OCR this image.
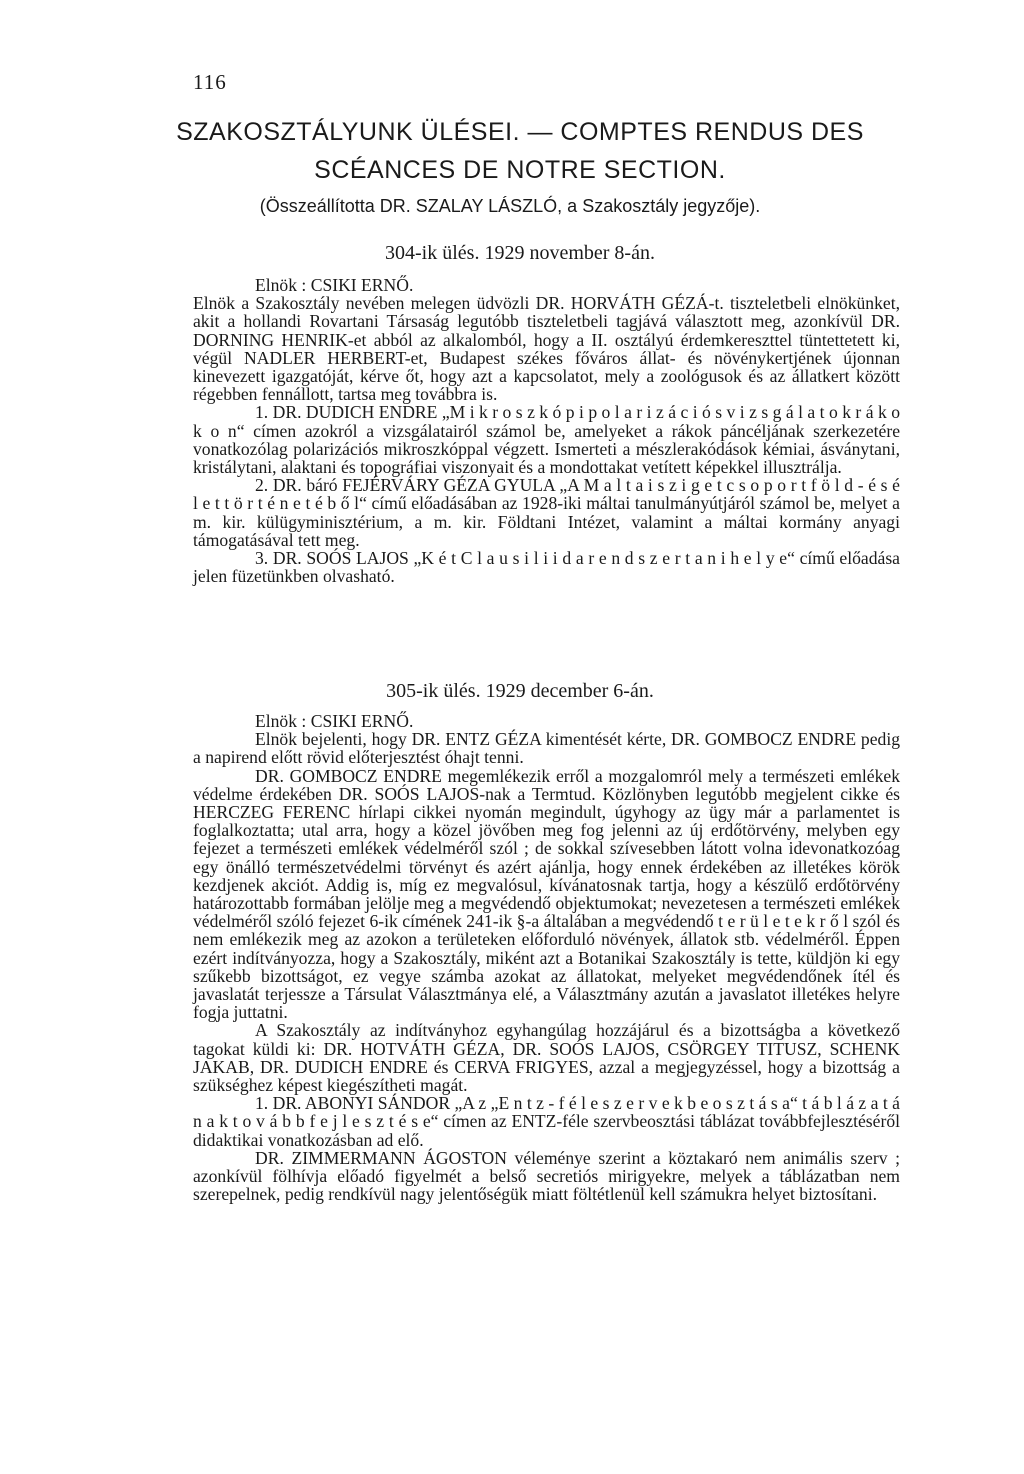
116
SZAKOSZTÁLYUNK ÜLÉSEI. — COMPTES RENDUS DES
SCÉANCES DE NOTRE SECTION.
(Összeállította DR. SZALAY LÁSZLÓ, a Szakosztály jegyzője).
304-ik ülés. 1929 november 8-án.

Elnök : CSIKI ERNŐ.

Elnök a Szakosztály nevében melegen üdvözli DR. HORVÁTH GÉZÁ-t. tiszteletbeli elnökünket, akit a hollandi Rovartani Társaság legutóbb tiszteletbeli tagjává választott meg, azonkívül DR. DORNING HENRIK-et abból az alkalomból, hogy a II. osztályú érdemkereszttel tüntettetett ki, végül NADLER HERBERT-et, Budapest székes főváros állat- és növénykertjének újonnan kinevezett igazgatóját, kérve őt, hogy azt a kapcsolatot, mely a zoológusok és az állatkert között régebben fennállott, tartsa meg továbbra is.

1. DR. DUDICH ENDRE „M i k r o s z k ó p i p o l a r i z á c i ó s v i z s g á l a t o k r á k o k o n“ címen azokról a vizsgálatairól számol be, amelyeket a rákok páncéljának szerkezetére vonatkozólag polarizációs mikroszkóppal végzett. Ismerteti a mészlerakódások kémiai, ásványtani, kristálytani, alaktani és topográfiai viszonyait és a mondottakat vetített képekkel illusztrálja.

2. DR. báró FEJÉRVÁRY GÉZA GYULA „A M a l t a i s z i g e t c s o p o r t f ö l d - é s é l e t t ö r t é n e t é b ő l“ című előadásában az 1928-iki máltai tanulmányútjáról számol be, melyet a m. kir. külügyminisztérium, a m. kir. Földtani Intézet, valamint a máltai kormány anyagi támogatásával tett meg.

3. DR. SOÓS LAJOS „K é t C l a u s i l i i d a r e n d s z e r t a n i h e l y e“ című előadása jelen füzetünkben olvasható.

305-ik ülés. 1929 december 6-án.

Elnök : CSIKI ERNŐ.

Elnök bejelenti, hogy DR. ENTZ GÉZA kimentését kérte, DR. GOMBOCZ ENDRE pedig a napirend előtt rövid előterjesztést óhajt tenni.

DR. GOMBOCZ ENDRE megemlékezik erről a mozgalomról mely a természeti emlékek védelme érdekében DR. SOÓS LAJOS-nak a Termtud. Közlönyben legutóbb megjelent cikke és HERCZEG FERENC hírlapi cikkei nyomán megindult, úgyhogy az ügy már a parlamentet is foglalkoztatta; utal arra, hogy a közel jövőben meg fog jelenni az új erdőtörvény, melyben egy fejezet a természeti emlékek védelméről szól ; de sokkal szívesebben látott volna idevonatkozóag egy önálló természetvédelmi törvényt és azért ajánlja, hogy ennek érdekében az illetékes körök kezdjenek akciót. Addig is, míg ez megvalósul, kívánatosnak tartja, hogy a készülő erdőtörvény határozottabb formában jelölje meg a megvédendő objektumokat; nevezetesen a természeti emlékek védelméről szóló fejezet 6-ik címének 241-ik §-a általában a megvédendő t e r ü l e t e k r ő l szól és nem emlékezik meg az azokon a területeken előforduló növények, állatok stb. védelméről. Éppen ezért indítványozza, hogy a Szakosztály, miként azt a Botanikai Szakosztály is tette, küldjön ki egy szűkebb bizottságot, ez vegye számba azokat az állatokat, melyeket megvédendőnek ítél és javaslatát terjessze a Társulat Választmánya elé, a Választmány azután a javaslatot illetékes helyre fogja juttatni.

A Szakosztály az indítványhoz egyhangúlag hozzájárul és a bizottságba a következő tagokat küldi ki: DR. HOTVÁTH GÉZA, DR. SOÓS LAJOS, CSÖRGEY TITUSZ, SCHENK JAKAB, DR. DUDICH ENDRE és CERVA FRIGYES, azzal a megjegyzéssel, hogy a bizottság a szükséghez képest kiegészítheti magát.

1. DR. ABONYI SÁNDOR „A z „E n t z - f é l e s z e r v e k b e o s z t á s a“ t á b l á z a t á n a k t o v á b b f e j l e s z t é s e“ címen az ENTZ-féle szervbeosztási táblázat továbbfejlesztéséről didaktikai vonatkozásban ad elő.

DR. ZIMMERMANN ÁGOSTON véleménye szerint a köztakaró nem animális szerv ; azonkívül fölhívja előadó figyelmét a belső secretiós mirigyekre, melyek a táblázatban nem szerepelnek, pedig rendkívül nagy jelentőségük miatt föltétlenül kell számukra helyet biztosítani.
